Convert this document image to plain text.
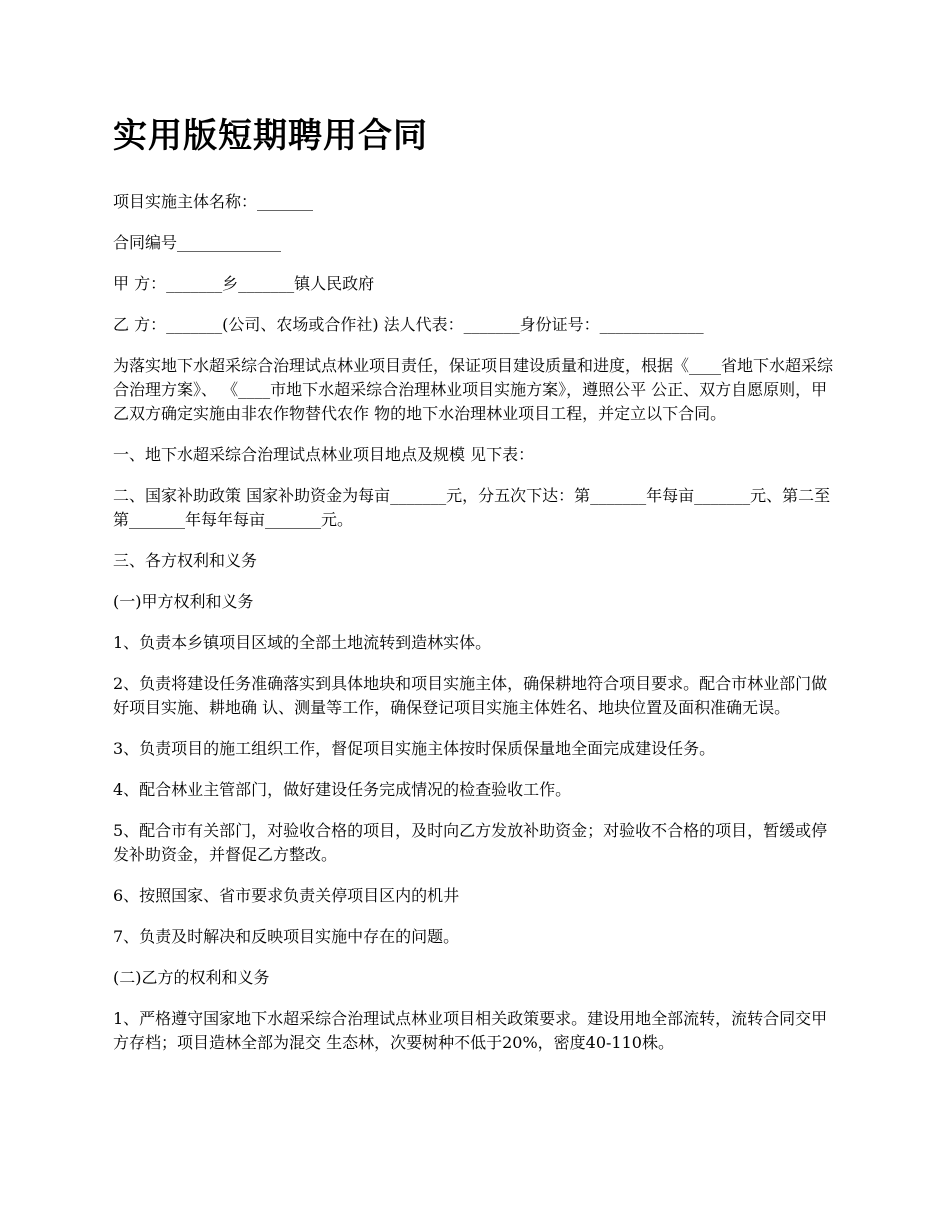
实用版短期聘用合同

项目实施主体名称：_______

合同编号_____________

甲 方：_______乡_______镇人民政府

乙 方：_______(公司、农场或合作社) 法人代表：_______身份证号：_____________

为落实地下水超采综合治理试点林业项目责任，保证项目建设质量和进度，根据《____省地下水超采综合治理方案》、 《____市地下水超采综合治理林业项目实施方案》，遵照公平 公正、双方自愿原则，甲乙双方确定实施由非农作物替代农作 物的地下水治理林业项目工程，并定立以下合同。

一、地下水超采综合治理试点林业项目地点及规模 见下表：

二、国家补助政策 国家补助资金为每亩_______元，分五次下达：第_______年每亩_______元、第二至第_______年每年每亩_______元。

三、各方权利和义务

(一)甲方权利和义务

1、负责本乡镇项目区域的全部土地流转到造林实体。

2、负责将建设任务准确落实到具体地块和项目实施主体，确保耕地符合项目要求。配合市林业部门做好项目实施、耕地确 认、测量等工作，确保登记项目实施主体姓名、地块位置及面积准确无误。

3、负责项目的施工组织工作，督促项目实施主体按时保质保量地全面完成建设任务。

4、配合林业主管部门，做好建设任务完成情况的检查验收工作。

5、配合市有关部门，对验收合格的项目，及时向乙方发放补助资金；对验收不合格的项目，暂缓或停发补助资金，并督促乙方整改。

6、按照国家、省市要求负责关停项目区内的机井

7、负责及时解决和反映项目实施中存在的问题。

(二)乙方的权利和义务

1、严格遵守国家地下水超采综合治理试点林业项目相关政策要求。建设用地全部流转，流转合同交甲方存档；项目造林全部为混交 生态林，次要树种不低于20%，密度40-110株。
